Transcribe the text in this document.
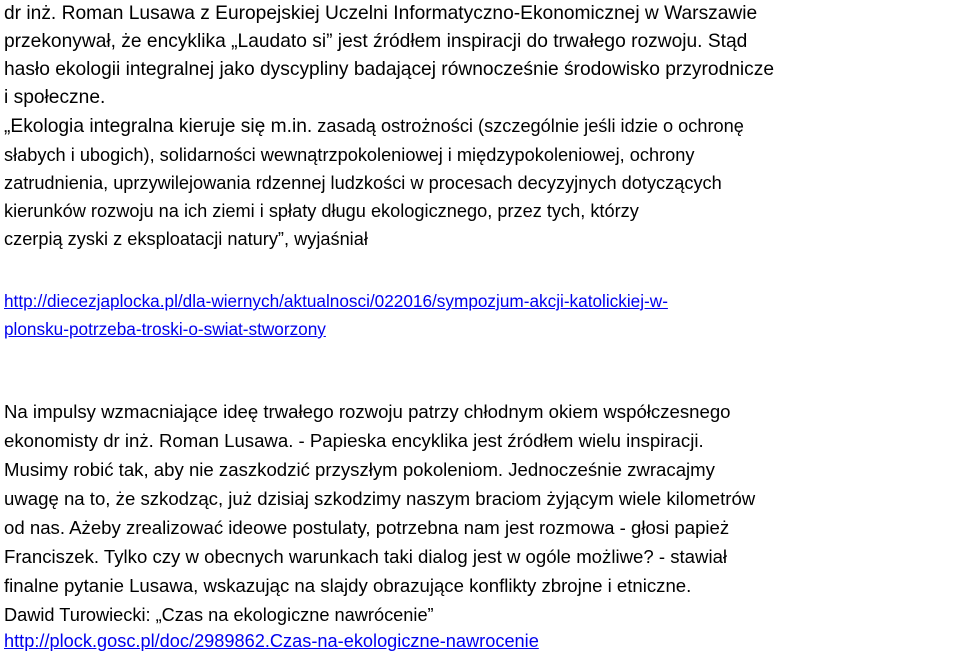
dr inż. Roman Lusawa z Europejskiej Uczelni Informatyczno-Ekonomicznej w Warszawie
przekonywał, że encyklika „Laudato si” jest źródłem inspiracji do trwałego rozwoju. Stąd
hasło ekologii integralnej jako dyscypliny badającej równocześnie środowisko przyrodnicze
i społeczne.
„Ekologia integralna kieruje się m.in. zasadą ostrożności (szczególnie jeśli idzie o ochronę
słabych i ubogich), solidarności wewnątrzpokoleniowej i międzypokoleniowej, ochrony
zatrudnienia, uprzywilejowania rdzennej ludzkości w procesach decyzyjnych dotyczących
kierunków rozwoju na ich ziemi i spłaty długu ekologicznego, przez tych, którzy
czerpią zyski z eksploatacji natury”, wyjaśniał
http://diecezjaplocka.pl/dla-wiernych/aktualnosci/022016/sympozjum-akcji-katolickiej-w-
plonsku-potrzeba-troski-o-swiat-stworzony
Na impulsy wzmacniające ideę trwałego rozwoju patrzy chłodnym okiem współczesnego
ekonomisty dr inż. Roman Lusawa. - Papieska encyklika jest źródłem wielu inspiracji.
Musimy robić tak, aby nie zaszkodzić przyszłym pokoleniom. Jednocześnie zwracajmy
uwagę na to, że szkodząc, już dzisiaj szkodzimy naszym braciom żyjącym wiele kilometrów
od nas. Ażeby zrealizować ideowe postulaty, potrzebna nam jest rozmowa - głosi papież
Franciszek. Tylko czy w obecnych warunkach taki dialog jest w ogóle możliwe? - stawiał
finalne pytanie Lusawa, wskazując na slajdy obrazujące konflikty zbrojne i etniczne.
Dawid Turowiecki: „Czas na ekologiczne nawrócenie”
http://plock.gosc.pl/doc/2989862.Czas-na-ekologiczne-nawrocenie
